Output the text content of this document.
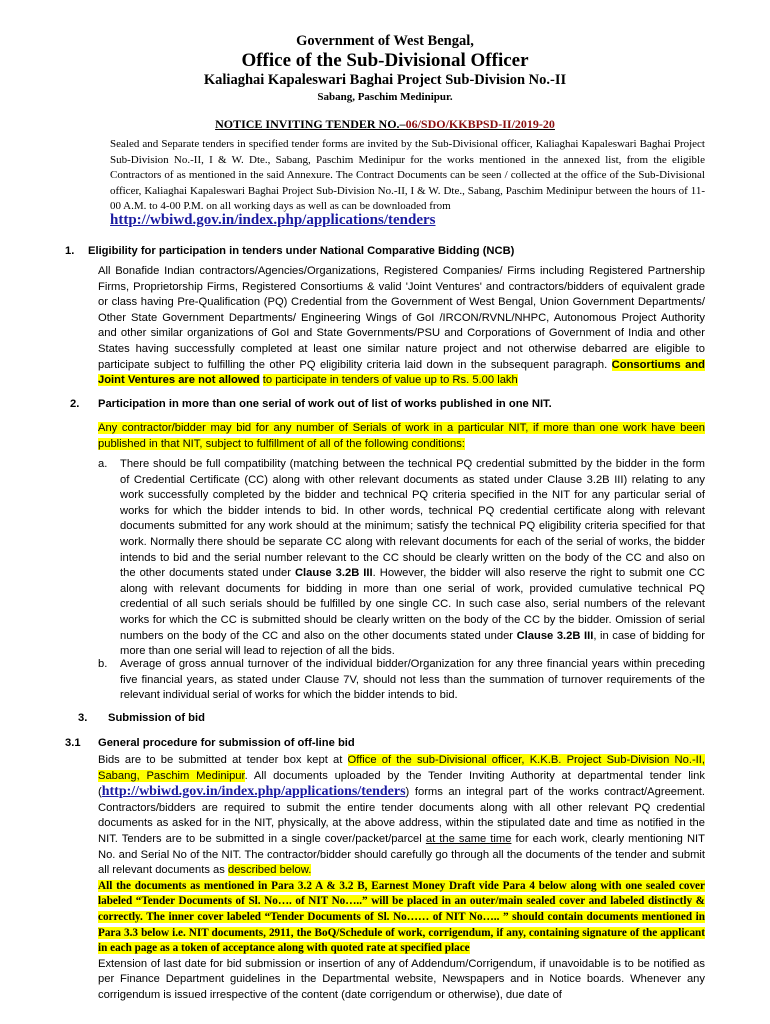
Government of West Bengal,
Office of the Sub-Divisional Officer
Kaliaghai Kapaleswari Baghai Project Sub-Division No.-II
Sabang, Paschim Medinipur.
NOTICE INVITING TENDER NO.–06/SDO/KKBPSD-II/2019-20
Sealed and Separate tenders in specified tender forms are invited by the Sub-Divisional officer, Kaliaghai Kapaleswari Baghai Project Sub-Division No.-II, I & W. Dte., Sabang, Paschim Medinipur for the works mentioned in the annexed list, from the eligible Contractors of as mentioned in the said Annexure. The Contract Documents can be seen / collected at the office of the Sub-Divisional officer, Kaliaghai Kapaleswari Baghai Project Sub-Division No.-II, I & W. Dte., Sabang, Paschim Medinipur between the hours of 11-00 A.M. to 4-00 P.M. on all working days as well as can be downloaded from
http://wbiwd.gov.in/index.php/applications/tenders
1. Eligibility for participation in tenders under National Comparative Bidding (NCB)
All Bonafide Indian contractors/Agencies/Organizations, Registered Companies/ Firms including Registered Partnership Firms, Proprietorship Firms, Registered Consortiums & valid 'Joint Ventures' and contractors/bidders of equivalent grade or class having Pre-Qualification (PQ) Credential from the Government of West Bengal, Union Government Departments/ Other State Government Departments/ Engineering Wings of GoI /IRCON/RVNL/NHPC, Autonomous Project Authority and other similar organizations of GoI and State Governments/PSU and Corporations of Government of India and other States having successfully completed at least one similar nature project and not otherwise debarred are eligible to participate subject to fulfilling the other PQ eligibility criteria laid down in the subsequent paragraph. Consortiums and Joint Ventures are not allowed to participate in tenders of value up to Rs. 5.00 lakh
2. Participation in more than one serial of work out of list of works published in one NIT.
Any contractor/bidder may bid for any number of Serials of work in a particular NIT, if more than one work have been published in that NIT, subject to fulfillment of all of the following conditions:
a. There should be full compatibility (matching between the technical PQ credential submitted by the bidder in the form of Credential Certificate (CC) along with other relevant documents as stated under Clause 3.2B III) relating to any work successfully completed by the bidder and technical PQ criteria specified in the NIT for any particular serial of works for which the bidder intends to bid. In other words, technical PQ credential certificate along with relevant documents submitted for any work should at the minimum; satisfy the technical PQ eligibility criteria specified for that work. Normally there should be separate CC along with relevant documents for each of the serial of works, the bidder intends to bid and the serial number relevant to the CC should be clearly written on the body of the CC and also on the other documents stated under Clause 3.2B III. However, the bidder will also reserve the right to submit one CC along with relevant documents for bidding in more than one serial of work, provided cumulative technical PQ credential of all such serials should be fulfilled by one single CC. In such case also, serial numbers of the relevant works for which the CC is submitted should be clearly written on the body of the CC by the bidder. Omission of serial numbers on the body of the CC and also on the other documents stated under Clause 3.2B III, in case of bidding for more than one serial will lead to rejection of all the bids.
b. Average of gross annual turnover of the individual bidder/Organization for any three financial years within preceding five financial years, as stated under Clause 7V, should not less than the summation of turnover requirements of the relevant individual serial of works for which the bidder intends to bid.
3. Submission of bid
3.1 General procedure for submission of off-line bid
Bids are to be submitted at tender box kept at Office of the sub-Divisional officer, K.K.B. Project Sub-Division No.-II, Sabang, Paschim Medinipur. All documents uploaded by the Tender Inviting Authority at departmental tender link (http://wbiwd.gov.in/index.php/applications/tenders) forms an integral part of the works contract/Agreement. Contractors/bidders are required to submit the entire tender documents along with all other relevant PQ credential documents as asked for in the NIT, physically, at the above address, within the stipulated date and time as notified in the NIT. Tenders are to be submitted in a single cover/packet/parcel at the same time for each work, clearly mentioning NIT No. and Serial No of the NIT. The contractor/bidder should carefully go through all the documents of the tender and submit all relevant documents as described below.
All the documents as mentioned in Para 3.2 A & 3.2 B, Earnest Money Draft vide Para 4 below along with one sealed cover labeled “Tender Documents of Sl. No…. of NIT No…..” will be placed in an outer/main sealed cover and labeled distinctly & correctly. The inner cover labeled “Tender Documents of Sl. No…… of NIT No….. ” should contain documents mentioned in Para 3.3 below i.e. NIT documents, 2911, the BoQ/Schedule of work, corrigendum, if any, containing signature of the applicant in each page as a token of acceptance along with quoted rate at specified place
Extension of last date for bid submission or insertion of any of Addendum/Corrigendum, if unavoidable is to be notified as per Finance Department guidelines in the Departmental website, Newspapers and in Notice boards. Whenever any corrigendum is issued irrespective of the content (date corrigendum or otherwise), due date of
